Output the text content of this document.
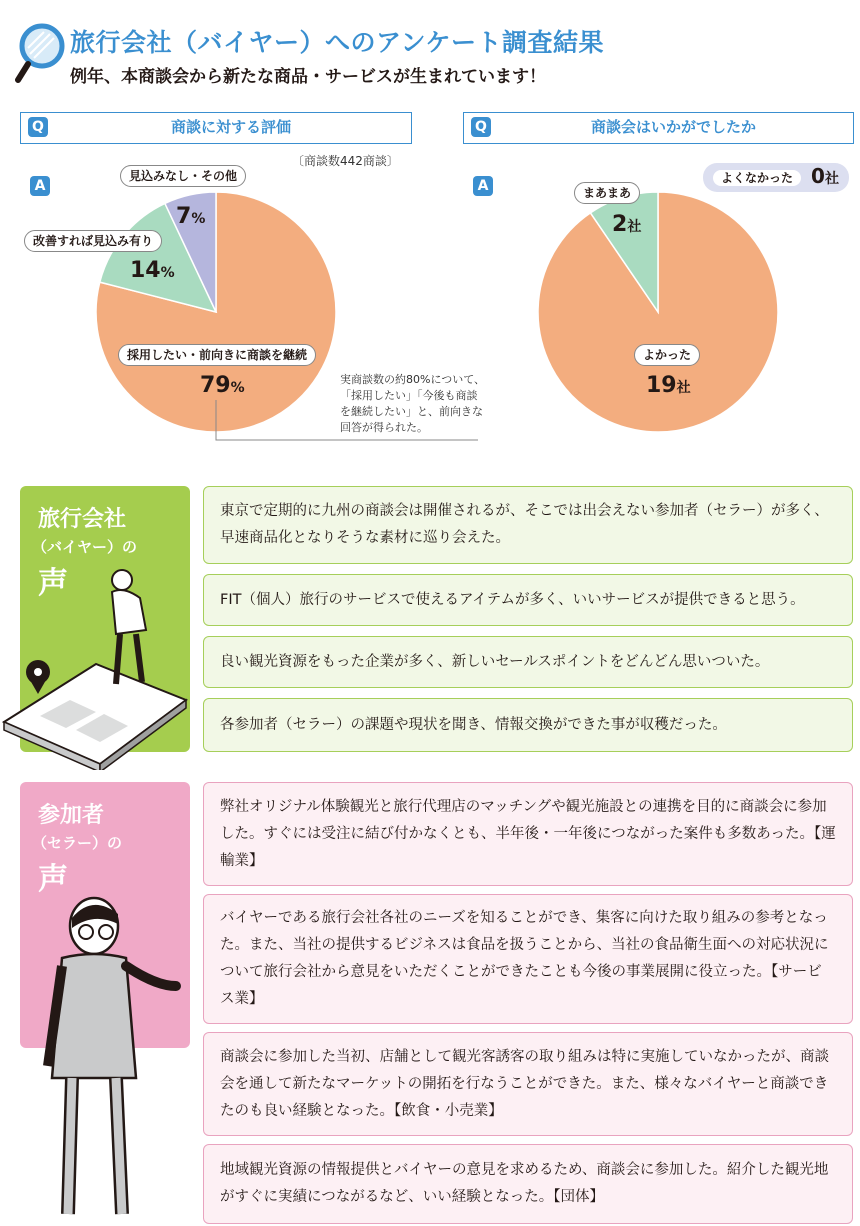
旅行会社（バイヤー）へのアンケート調査結果
例年、本商談会から新たな商品・サービスが生まれています！
Q	商談に対する評価
A
〔商談数442商談〕
見込みなし・その他
7%
改善すれば見込み有り
14%
採用したい・前向きに商談を継続
79%
実商談数の約80%について、「採用したい」「今後も商談を継続したい」と、前向きな回答が得られた。
Q	商談会はいかがでしたか
A
よくなかった 0社
まあまあ
2社
よかった
19社
旅行会社
（バイヤー）の
声
東京で定期的に九州の商談会は開催されるが、そこでは出会えない参加者（セラー）が多く、早速商品化となりそうな素材に巡り会えた。
FIT（個人）旅行のサービスで使えるアイテムが多く、いいサービスが提供できると思う。
良い観光資源をもった企業が多く、新しいセールスポイントをどんどん思いついた。
各参加者（セラー）の課題や現状を聞き、情報交換ができた事が収穫だった。
参加者
（セラー）の
声
弊社オリジナル体験観光と旅行代理店のマッチングや観光施設との連携を目的に商談会に参加した。すぐには受注に結び付かなくとも、半年後・一年後につながった案件も多数あった。【運輸業】
バイヤーである旅行会社各社のニーズを知ることができ、集客に向けた取り組みの参考となった。また、当社の提供するビジネスは食品を扱うことから、当社の食品衛生面への対応状況について旅行会社から意見をいただくことができたことも今後の事業展開に役立った。【サービス業】
商談会に参加した当初、店舗として観光客誘客の取り組みは特に実施していなかったが、商談会を通して新たなマーケットの開拓を行なうことができた。また、様々なバイヤーと商談できたのも良い経験となった。【飲食・小売業】
地域観光資源の情報提供とバイヤーの意見を求めるため、商談会に参加した。紹介した観光地がすぐに実績につながるなど、いい経験となった。【団体】
